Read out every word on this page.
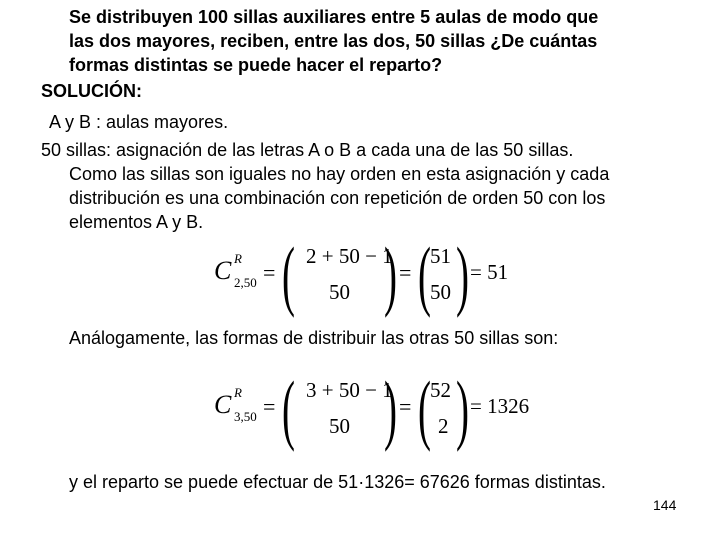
Se distribuyen 100 sillas auxiliares entre 5 aulas de modo que
las dos mayores, reciben, entre las dos, 50 sillas ¿De cuántas
formas distintas se puede hacer el reparto?
SOLUCIÓN:
A y B : aulas mayores.
50 sillas: asignación de las letras A o B a cada una de las 50 sillas.
Como las sillas son iguales no hay orden en esta asignación y cada
distribución es una combinación con repetición de orden 50 con los
elementos A y B.
C R
2,50 = ( 2 + 50 − 1
50 ) = ( 51
50 ) = 51
Análogamente, las formas de distribuir las otras 50 sillas son:
C R
3,50 = ( 3 + 50 − 1
50 ) = ( 52
2 ) = 1326
y el reparto se puede efectuar de 51·1326= 67626 formas distintas.
144
